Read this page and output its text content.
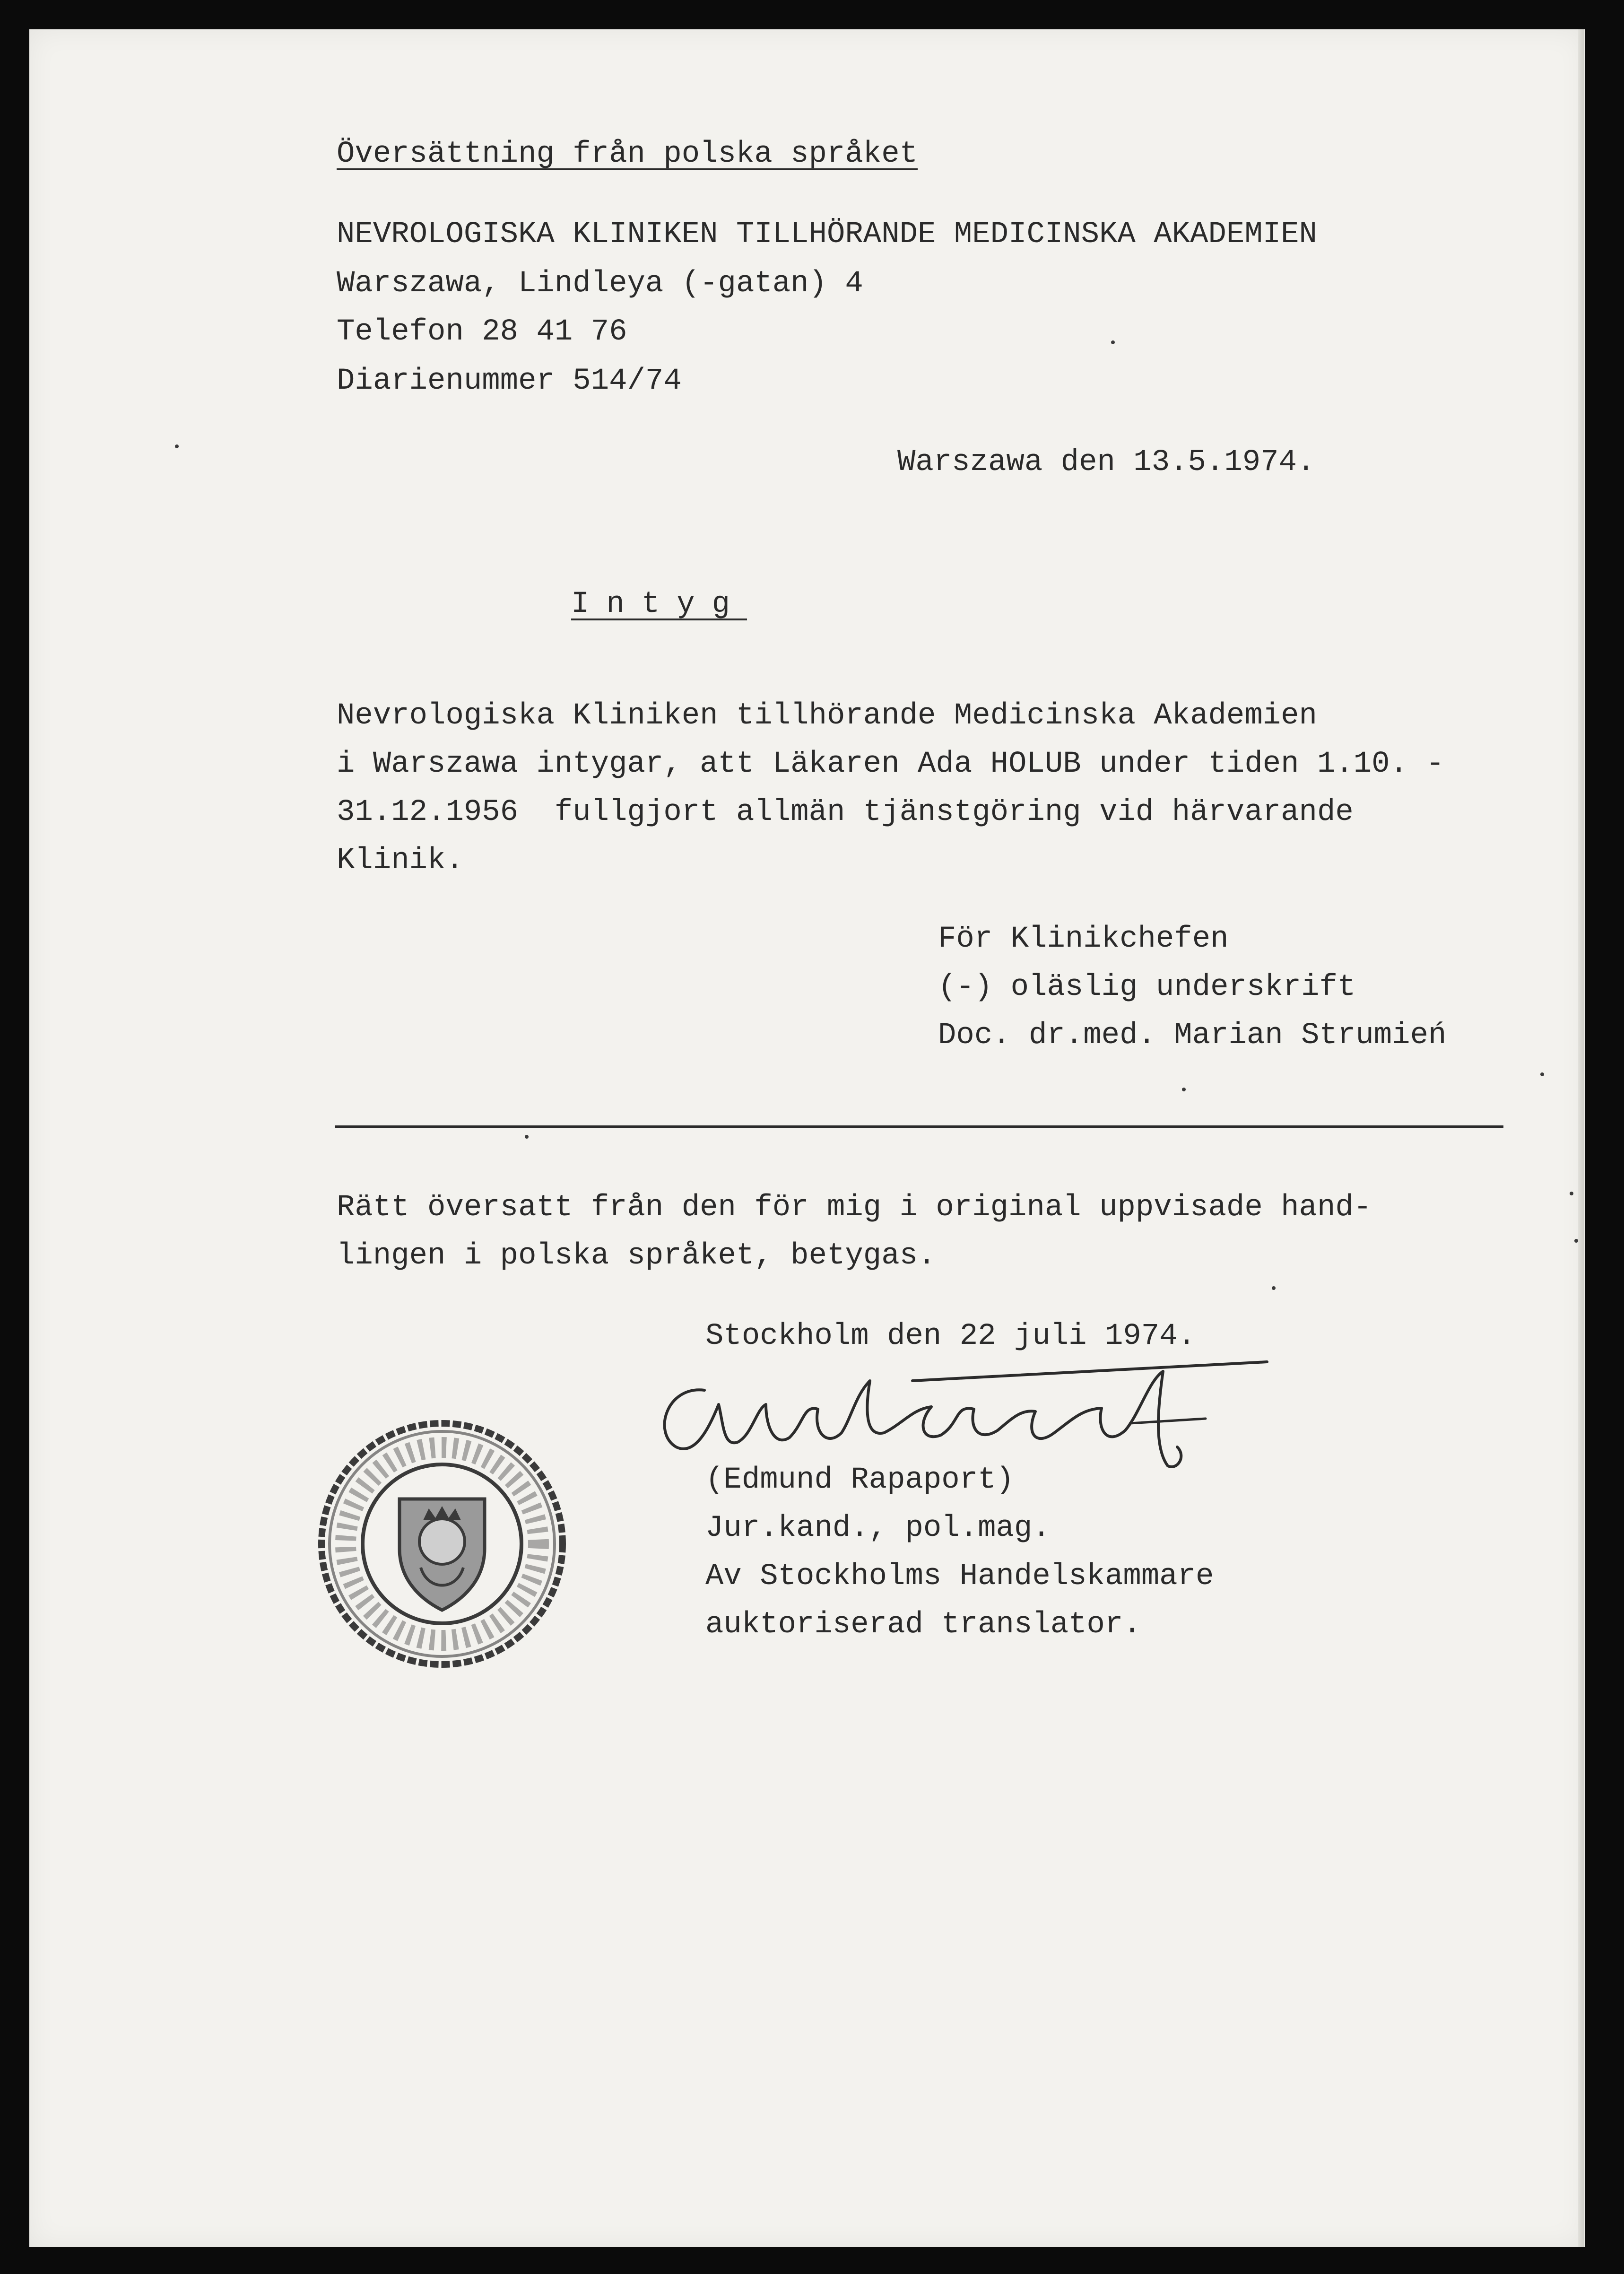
Översättning från polska språket

NEVROLOGISKA KLINIKEN TILLHÖRANDE MEDICINSKA AKADEMIEN

Warszawa, Lindleya (-gatan) 4

Telefon 28 41 76

Diarienummer 514/74

Warszawa den 13.5.1974.

Intyg

Nevrologiska Kliniken tillhörande Medicinska Akademien

i Warszawa intygar, att Läkaren Ada HOLUB under tiden 1.10. -

31.12.1956  fullgjort allmän tjänstgöring vid härvarande

Klinik.

För Klinikchefen

(-) oläslig underskrift

Doc. dr.med. Marian Strumień

Rätt översatt från den för mig i original uppvisade hand-

lingen i polska språket, betygas.

Stockholm den 22 juli 1974.

(Edmund Rapaport)

Jur.kand., pol.mag.

Av Stockholms Handelskammare

auktoriserad translator.
